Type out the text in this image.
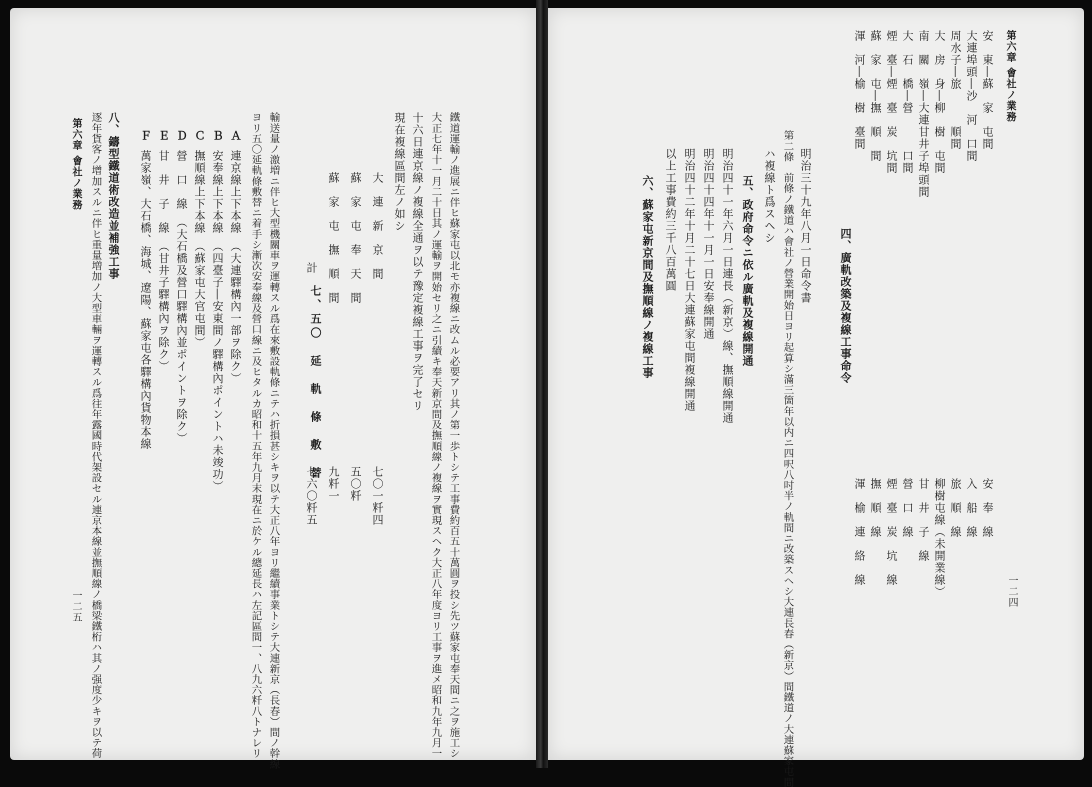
第六章 會社ノ業務
一二四
安　東―蘇　家　屯間
大連埠頭―沙　河　口間
周水子―旅　　　順間
大　房　身―柳　樹　屯間
南　關　嶺―大連甘井子埠頭間
大　石　橋―營　　　口間
煙　臺―煙　臺　炭　坑間
蘇　家　屯―撫　順　間
渾　河―榆　樹　臺間
安　奉　線
入　船　線
旅　順　線
柳樹屯線（未開業線）
甘　井　子　線
營　口　線
煙　臺　炭　坑　線
撫　順　線
渾　榆　連　絡　線
四、廣軌改築及複線工事命令
明治三十九年八月一日命令書
第二條　前條ノ鐵道ハ會社ノ營業開始日ヨリ起算シ滿三箇年以内ニ四呎八吋半ノ軌間ニ改築スヘシ大連長春（新京）間鐵道ノ大連蘇家屯間
ハ複線ト爲スヘシ
五、政府命令ニ依ル廣軌及複線開通
明治四十一年六月一日連長（新京）線、撫順線開通
明治四十四年十一月一日安奉線開通
明治四十二年十月二十七日大連蘇家屯間複線開通
以上工事費約三千八百萬圓
六、蘇家屯新京間及撫順線ノ複線工事
鐵道運輸ノ進展ニ伴ヒ蘇家屯以北モ亦複線ニ改ムル必要アリ其ノ第一歩トシテ工事費約百五十萬圓ヲ投シ先ツ蘇家屯奉天間ニ之ヲ施工シ
大正七年十一月二十日其ノ運輸ヲ開始セリ之ニ引續キ奉天新京間及撫順線ノ複線ヲ實現スヘク大正八年度ヨリ工事ヲ進メ昭和九年九月一
十六日連京線ノ複線全通ヲ以テ豫定複線工事ヲ完了セリ
現在複線區間左ノ如シ
大　連　新　京　間
七〇一粁四
蘇　家　屯　奉　天　間
五〇粁
蘇　家　屯　撫　順　間
九粁一
計
七六〇粁五
七、五〇　延　軌　條　敷　替
輸送量ノ激増ニ伴ヒ大型機關車ヲ運轉スル爲在來敷設軌條ニテハ折損甚シキヲ以テ大正八年ヨリ繼續事業トシテ大連新京（長春）間ノ幹線
ヨリ五〇延軌條敷替ニ着手シ漸次安奉線及營口線ニ及ヒタルカ昭和十五年九月末現在ニ於ケル總延長ハ左記區間一、八九六粁八トナレリ
Ａ
連京線上下本線　（大連驛構內一部ヲ除ク）
Ｂ
安奉線上下本線　（四臺子―安東間ノ驛構內ポイントハ未竣功）
Ｃ
撫順線上下本線　（蘇家屯大官屯間）
Ｄ
營　口　線　（大石橋及營口驛構內並ポイントヲ除ク）
Ｅ
甘　井　子　線　（甘井子驛構內ヲ除ク）
Ｆ
萬家嶺、大石橋、海城、遼陽、蘇家屯各驛構內貨物本線
八、鑄型鐵道術改造並補強工事
逐年貨客ノ增加スルニ伴ヒ重量増加ノ大型車輛ヲ運轉スル爲往年露國時代架設セル連京本線並撫順線ノ橋梁鐵桁ハ其ノ强度少キヲ以テ荷
第六章 會社ノ業務
一二五
